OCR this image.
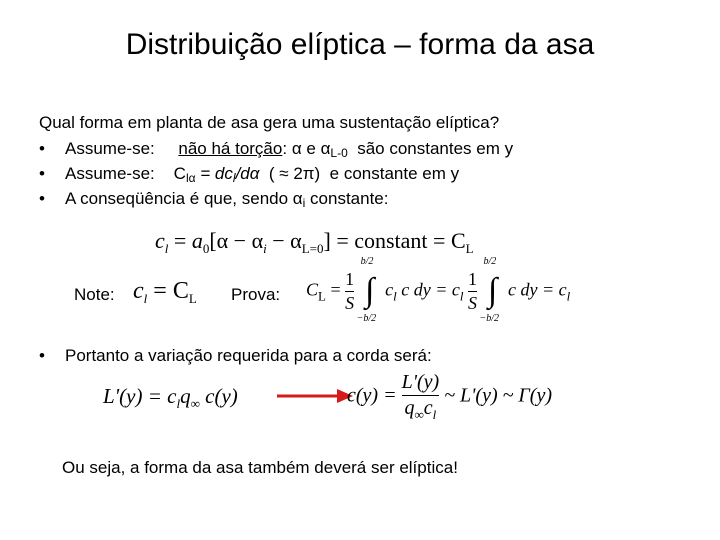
Distribuição elíptica – forma da asa
Qual forma em planta de asa gera uma sustentação elíptica?
• Assume-se: não há torção: α e $\alpha_{L-0}$ são constantes em y
• Assume-se: $C_{l\alpha} = dc_l/d\alpha$ ( ≈ 2π) e constante em y
• A conseqüência é que, sendo $\alpha_i$ constante:
$c_l = a_0[\alpha - \alpha_i - \alpha_{L=0}]$ = constant = $C_L$
Note: $c_l = C_L$ Prova: $C_L = \frac{1}{S}$

b/2
∫
−b/2
$c_l$ c dy = $c_l \frac{1}{S}$

b/2
∫
−b/2
c dy = $c_l$
• Portanto a variação requerida para a corda será:
$L'(y) = c_lq_\infty$ c(y)	$c(y) = \frac{L'(y)}{q_\infty c_l}$ ~ L'(y) ~ Γ(y)
Ou seja, a forma da asa também deverá ser elíptica!
